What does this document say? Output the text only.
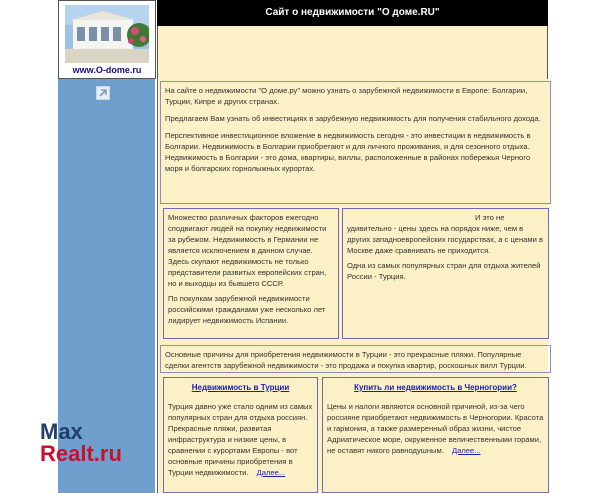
www.O-dome.ru
Сайт о недвижимости "О доме.RU"

На сайте о недвижимости "О доме.ру" можно узнать о зарубежной недвижимости в Европе: Болгарии, Турции, Кипре и других странах.

Предлагаем Вам узнать об инвестициях в зарубежную недвижимость для получения стабильного дохода.

Перспективное инвестиционное вложение в недвижимость сегодня - это инвестиции в недвижимость в Болгарии. Недвижимость в Болгарии приобретают и для личного проживания, и для сезонного отдыха. Недвижимость в Болгарии - это дома, квартиры, виллы, расположенные в районах побережья Черного моря и болгарских горнолыжных курортах.

Множество различных факторов ежегодно сподвигают людей на покупку недвижимости за рубежом. Недвижимость в Германии не является исключением в данном случае. Здесь скупают недвижимость не только представители развитых европейских стран, но и выходцы из бывшего СССР.

По покупкам зарубежной недвижимости российскими гражданами уже несколько лет лидирует недвижимость Испании.

И это не удивительно - цены здесь на порядок ниже, чем в других западноевропейских государствах, а с ценами в Москве даже сравнивать не приходится.

Одна из самых популярных стран для отдыха жителей России - Турция.

Основные причины для приобретения недвижимости в Турции - это прекрасные пляжи. Популярные сделки агентств зарубежной недвижимости - это продажа и покупка квартир, роскошных вилл Турции.
Недвижимость в Турции

Турция давно уже стало одним из самых популярных стран для отдыха россиян. Прекрасные пляжи, развитая инфраструктура и низкие цены, в сравнении с курортами Европы - вот основные причины приобретения в Турции недвижимости. Далее...

Купить ли недвижимость в Черногории?

Цены и налоги являются основной причиной, из-за чего россияне приобретают недвижимость в Черногории. Красота и гармония, а также размеренный образ жизни, чистое Адриатическое море, окруженное величественными горами, не оставят никого равнодушным. Далее...

Max
Realt.ru
